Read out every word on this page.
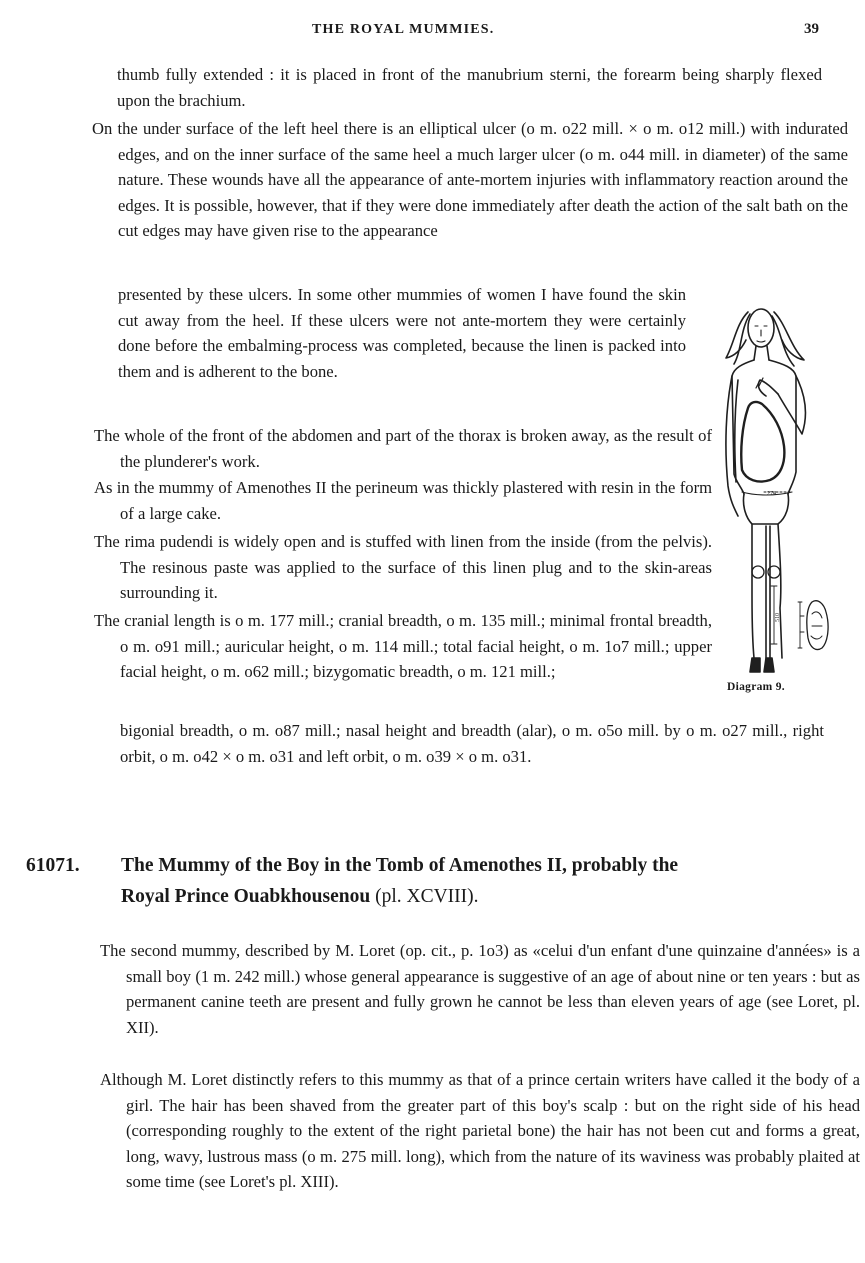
THE ROYAL MUMMIES.	39

thumb fully extended : it is placed in front of the manubrium sterni, the forearm being sharply flexed upon the brachium.

On the under surface of the left heel there is an elliptical ulcer (o m. o22 mill. × o m. o12 mill.) with indurated edges, and on the inner surface of the same heel a much larger ulcer (o m. o44 mill. in diameter) of the same nature. These wounds have all the appearance of ante-mortem injuries with inflammatory reaction around the edges. It is possible, however, that if they were done immediately after death the action of the salt bath on the cut edges may have given rise to the appearance

presented by these ulcers. In some other mummies of women I have found the skin cut away from the heel. If these ulcers were not ante-mortem they were certainly done before the embalming-process was completed, because the linen is packed into them and is adherent to the bone.

The whole of the front of the abdomen and part of the thorax is broken away, as the result of the plunderer's work.

As in the mummy of Amenothes II the perineum was thickly plastered with resin in the form of a large cake.

The rima pudendi is widely open and is stuffed with linen from the inside (from the pelvis). The resinous paste was applied to the surface of this linen plug and to the skin-areas surrounding it.

The cranial length is o m. 177 mill.; cranial breadth, o m. 135 mill.; minimal frontal breadth, o m. o91 mill.; auricular height, o m. 114 mill.; total facial height, o m. 1o7 mill.; upper facial height, o m. o62 mill.; bizygomatic breadth, o m. 121 mill.;

bigonial breadth, o m. o87 mill.; nasal height and breadth (alar), o m. o5o mill. by o m. o27 mill., right orbit, o m. o42 × o m. o31 and left orbit, o m. o39 × o m. o31.

274
510
Diagram 9.
61071. The Mummy of the Boy in the Tomb of Amenothes II, probably the
Royal Prince Ouabkhousenou (pl. XCVIII).

The second mummy, described by M. Loret (op. cit., p. 1o3) as «celui d'un enfant d'une quinzaine d'années» is a small boy (1 m. 242 mill.) whose general appearance is suggestive of an age of about nine or ten years : but as permanent canine teeth are present and fully grown he cannot be less than eleven years of age (see Loret, pl. XII).

Although M. Loret distinctly refers to this mummy as that of a prince certain writers have called it the body of a girl. The hair has been shaved from the greater part of this boy's scalp : but on the right side of his head (corresponding roughly to the extent of the right parietal bone) the hair has not been cut and forms a great, long, wavy, lustrous mass (o m. 275 mill. long), which from the nature of its waviness was probably plaited at some time (see Loret's pl. XIII).
